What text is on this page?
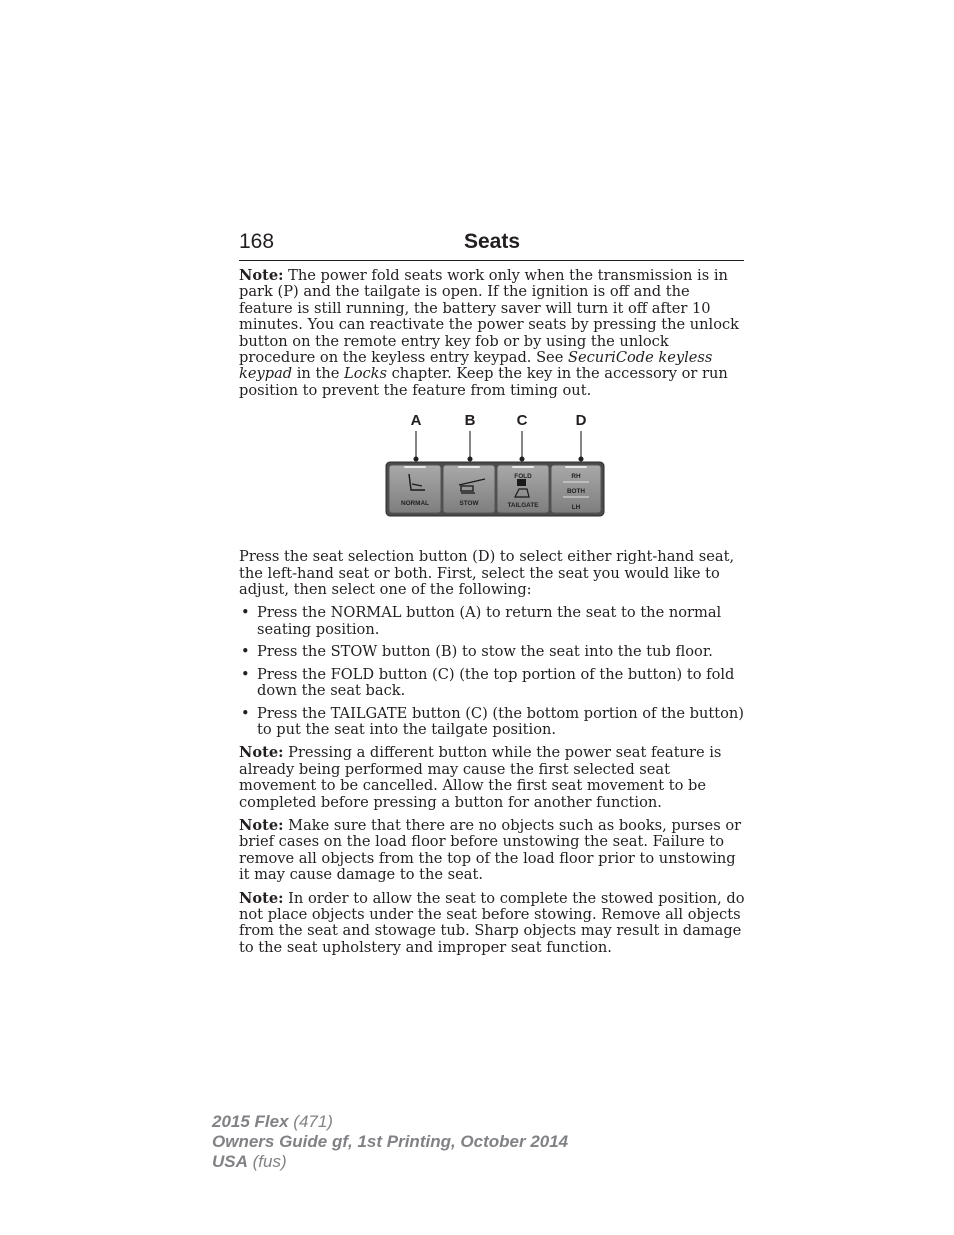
168	Seats

Note: The power fold seats work only when the transmission is in park (P) and the tailgate is open. If the ignition is off and the feature is still running, the battery saver will turn it off after 10 minutes. You can reactivate the power seats by pressing the unlock button on the remote entry key fob or by using the unlock procedure on the keyless entry keypad. See SecuriCode keyless keypad in the Locks chapter. Keep the key in the accessory or run position to prevent the feature from timing out.

A	B	C	D
NORMAL	STOW
FOLD
TAILGATE
RH
BOTH
LH

Press the seat selection button (D) to select either right-hand seat, the left-hand seat or both. First, select the seat you would like to adjust, then select one of the following:

• Press the NORMAL button (A) to return the seat to the normal seating position.
• Press the STOW button (B) to stow the seat into the tub floor.
• Press the FOLD button (C) (the top portion of the button) to fold down the seat back.
• Press the TAILGATE button (C) (the bottom portion of the button) to put the seat into the tailgate position.

Note: Pressing a different button while the power seat feature is already being performed may cause the first selected seat movement to be cancelled. Allow the first seat movement to be completed before pressing a button for another function.

Note: Make sure that there are no objects such as books, purses or brief cases on the load floor before unstowing the seat. Failure to remove all objects from the top of the load floor prior to unstowing it may cause damage to the seat.

Note: In order to allow the seat to complete the stowed position, do not place objects under the seat before stowing. Remove all objects from the seat and stowage tub. Sharp objects may result in damage to the seat upholstery and improper seat function.

2015 Flex (471)
Owners Guide gf, 1st Printing, October 2014
USA (fus)
